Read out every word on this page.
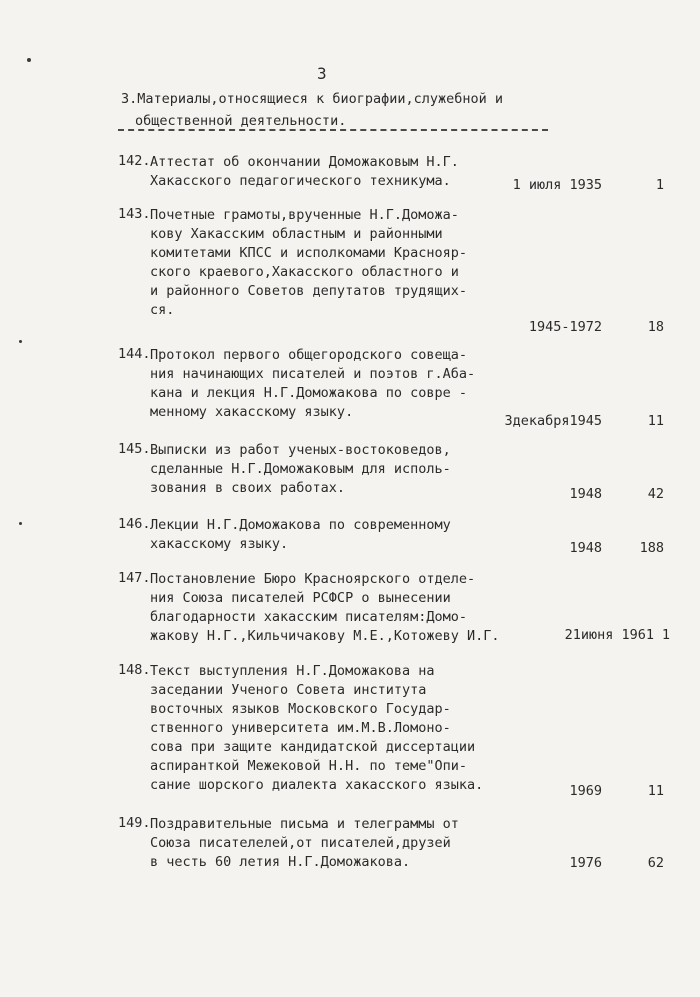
3
3.Материалы,относящиеся к биографии,служебной и
общественной деятельности.
142. Аттестат об окончании Доможаковым Н.Г.
Хакасского педагогического техникума.	1 июля 1935	1
143. Почетные грамоты,врученные Н.Г.Доможа-
кову Хакасским областным и районными
комитетами КПСС и исполкомами Краснояр-
ского краевого,Хакасского областного и
и районного Советов депутатов трудящих-
ся.
1945-1972	18
144. Протокол первого общегородского совеща-
ния начинающих писателей и поэтов г.Аба-
кана и лекция Н.Г.Доможакова по совре -
менному хакасскому языку.
3декабря1945	11
145. Выписки из работ ученых-востоковедов,
сделанные Н.Г.Доможаковым для исполь-
зования в своих работах.	1948	42
146. Лекции Н.Г.Доможакова по современному
хакасскому языку.	1948	188
147. Постановление Бюро Красноярского отделе-
ния Союза писателей РСФСР о вынесении
благодарности хакасским писателям:Домо-
жакову Н.Г.,Кильчичакову М.Е.,Котожеву И.Г.	21июня 1961 1
148. Текст выступления Н.Г.Доможакова на
заседании Ученого Совета института
восточных языков Московского Государ-
ственного университета им.М.В.Ломоно-
сова при защите кандидатской диссертации
аспиранткой Межековой Н.Н. по теме"Опи-
сание шорского диалекта хакасского языка.	1969	11
149. Поздравительные письма и телеграммы от
Союза писателелей,от писателей,друзей
в честь 60 летия Н.Г.Доможакова.	1976	62
